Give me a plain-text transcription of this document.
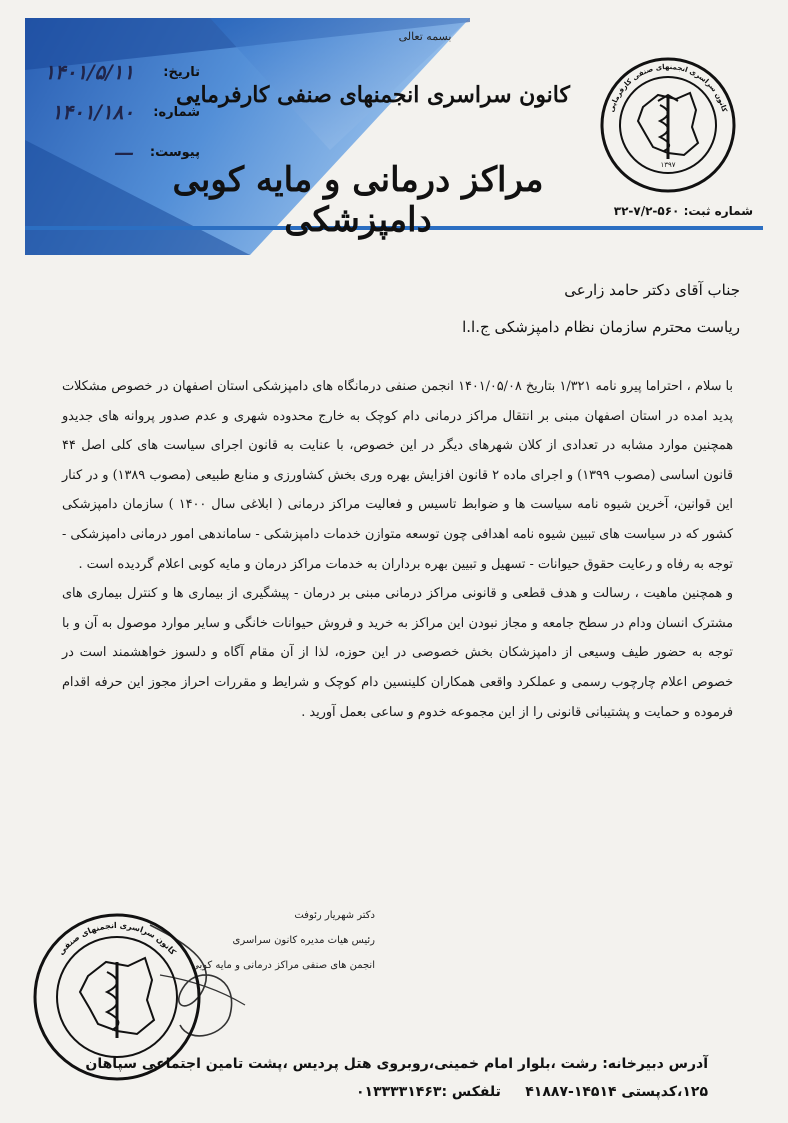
بسمه تعالی
کانون سراسری انجمنهای صنفی کارفرمایی
مراکز درمانی و مایه کوبی دامپزشکی
تاریخ:
۱۴۰۱/۵/۱۱
شماره:
۱۴۰۱/۱۸۰
پیوست:
—
١٣٩٧
کانون سراسری انجمنهای صنفی کارفرمایی
شماره ثبت: ۵۶۰-۷/۲-۳۲
جناب آقای دکتر حامد زارعی
ریاست محترم سازمان نظام دامپزشکی ج.ا.ا

با سلام ، احتراما پیرو نامه ۱/۳۲۱ بتاریخ ۱۴۰۱/۰۵/۰۸ انجمن صنفی درمانگاه های دامپزشکی استان اصفهان در خصوص مشکلات پدید امده در استان اصفهان مبنی بر انتقال مراکز درمانی دام کوچک به خارج محدوده شهری و عدم صدور پروانه های جدیدو همچنین موارد مشابه در تعدادی از کلان شهرهای دیگر در این خصوص، با عنایت به قانون اجرای سیاست های کلی اصل ۴۴ قانون اساسی (مصوب ۱۳۹۹) و اجرای ماده ۲ قانون افزایش بهره وری بخش کشاورزی و منابع طبیعی (مصوب ۱۳۸۹) و در کنار این قوانین، آخرین شیوه نامه سیاست ها و ضوابط تاسیس و فعالیت مراکز درمانی ( ابلاغی سال ۱۴۰۰ ) سازمان دامپزشکی کشور که در سیاست های تبیین شیوه نامه اهدافی چون توسعه متوازن خدمات دامپزشکی - ساماندهی امور درمانی دامپزشکی - توجه به رفاه و رعایت حقوق حیوانات - تسهیل و تبیین بهره برداران به خدمات مراکز درمان و مایه کوبی اعلام گردیده است .

و همچنین ماهیت ، رسالت و هدف قطعی و قانونی مراکز درمانی مبنی بر درمان - پیشگیری از بیماری ها و کنترل بیماری های مشترک انسان ودام در سطح جامعه و مجاز نبودن این مراکز به خرید و فروش حیوانات خانگی و سایر موارد موصول به آن و با توجه به حضور طیف وسیعی از دامپزشکان بخش خصوصی در این حوزه، لذا از آن مقام آگاه و دلسوز خواهشمند است در خصوص اعلام چارچوب رسمی و عملکرد واقعی همکاران کلینسین دام کوچک و شرایط و مقررات احراز مجوز این حرفه اقدام فرموده و حمایت و پشتیبانی قانونی را از این مجموعه خدوم و ساعی بعمل آورید .

دکتر شهریار رئوفت
رئیس هیات مدیره کانون سراسری
انجمن های صنفی مراکز درمانی و مایه کوبی
کانون سراسری انجمنهای صنفی
آدرس دبیرخانه: رشت ،بلوار امام خمینی،روبروی هتل پردیس ،پشت تامین اجتماعی سپاهان
۱۲۵،کدپستی ۱۴۵۱۴-۴۱۸۸۷     تلفکس :۰۱۳۳۳۳۱۴۶۳
